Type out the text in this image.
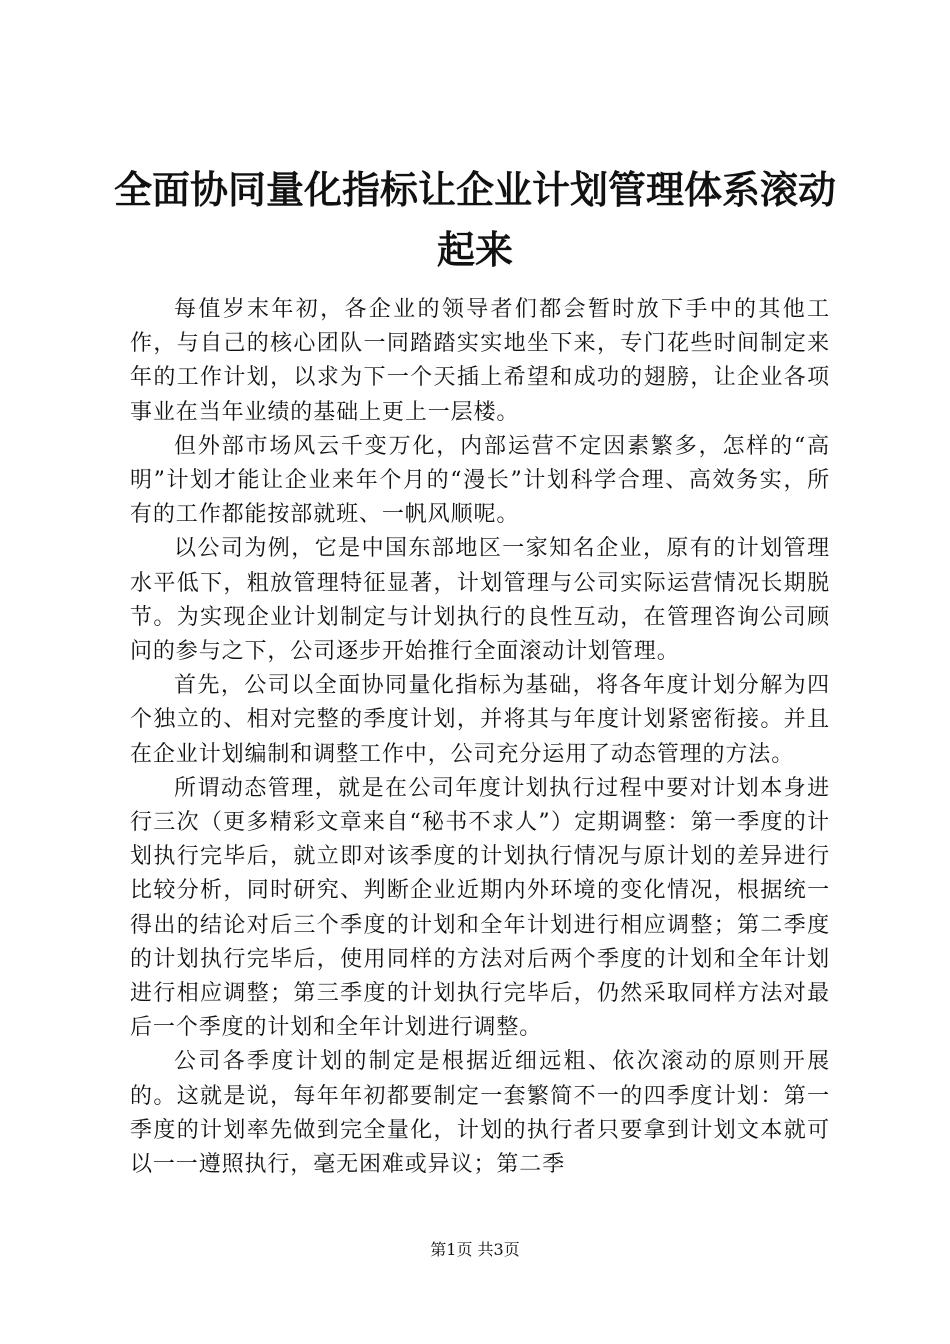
全面协同量化指标让企业计划管理体系滚动起来

每值岁末年初，各企业的领导者们都会暂时放下手中的其他工作，与自己的核心团队一同踏踏实实地坐下来，专门花些时间制定来年的工作计划，以求为下一个天插上希望和成功的翅膀，让企业各项事业在当年业绩的基础上更上一层楼。

但外部市场风云千变万化，内部运营不定因素繁多，怎样的“高明”计划才能让企业来年个月的“漫长”计划科学合理、高效务实，所有的工作都能按部就班、一帆风顺呢。

以公司为例，它是中国东部地区一家知名企业，原有的计划管理水平低下，粗放管理特征显著，计划管理与公司实际运营情况长期脱节。为实现企业计划制定与计划执行的良性互动，在管理咨询公司顾问的参与之下，公司逐步开始推行全面滚动计划管理。

首先，公司以全面协同量化指标为基础，将各年度计划分解为四个独立的、相对完整的季度计划，并将其与年度计划紧密衔接。并且在企业计划编制和调整工作中，公司充分运用了动态管理的方法。

所谓动态管理，就是在公司年度计划执行过程中要对计划本身进行三次（更多精彩文章来自“秘书不求人”）定期调整：第一季度的计划执行完毕后，就立即对该季度的计划执行情况与原计划的差异进行比较分析，同时研究、判断企业近期内外环境的变化情况，根据统一得出的结论对后三个季度的计划和全年计划进行相应调整；第二季度的计划执行完毕后，使用同样的方法对后两个季度的计划和全年计划进行相应调整；第三季度的计划执行完毕后，仍然采取同样方法对最后一个季度的计划和全年计划进行调整。

公司各季度计划的制定是根据近细远粗、依次滚动的原则开展的。这就是说，每年年初都要制定一套繁简不一的四季度计划：第一季度的计划率先做到完全量化，计划的执行者只要拿到计划文本就可以一一遵照执行，毫无困难或异议；第二季

第1页 共3页
